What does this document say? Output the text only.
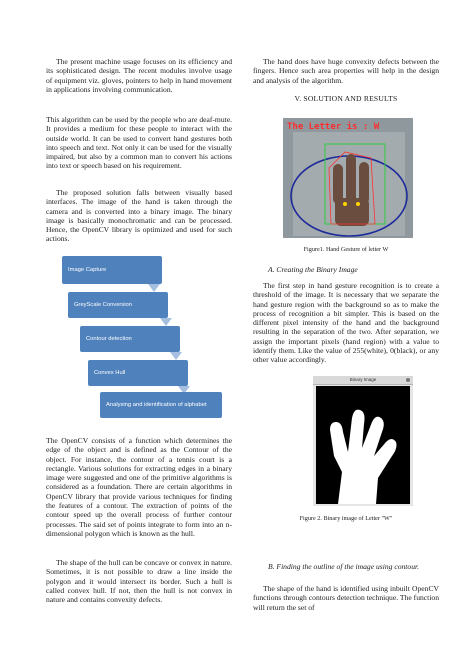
The present machine usage focuses on its efficiency and its sophisticated design. The recent modules involve usage of equipment viz. gloves, pointers to help in hand movement in applications involving communication.

This algorithm can be used by the people who are deaf-mute. It provides a medium for these people to interact with the outside world. It can be used to convert hand gestures both into speech and text. Not only it can be used for the visually impaired, but also by a common man to convert his actions into text or speech based on his requirement.

The proposed solution falls between visually based interfaces. The image of the hand is taken through the camera and is converted into a binary image. The binary image is basically monochromatic and can be processed. Hence, the OpenCV library is optimized and used for such actions.

Image Capture
GreyScale Conversion
Contour detection
Convex Hull
Analysing and identification of alphabet

The OpenCV consists of a function which determines the edge of the object and is defined as the Contour of the object. For instance, the contour of a tennis court is a rectangle. Various solutions for extracting edges in a binary image were suggested and one of the primitive algorithms is considered as a foundation. There are certain algorithms in OpenCV library that provide various techniques for finding the features of a contour. The extraction of points of the contour speed up the overall process of further contour processes. The said set of points integrate to form into an n-dimensional polygon which is known as the hull.

The shape of the hull can be concave or convex in nature. Sometimes, it is not possible to draw a line inside the polygon and it would intersect its border. Such a hull is called convex hull. If not, then the hull is not convex in nature and contains convexity defects.

The hand does have huge convexity defects between the fingers. Hence such area properties will help in the design and analysis of the algorithm.

V. SOLUTION AND RESULTS
The Letter is : W
Figure1. Hand Gesture of letter W
A. Creating the Binary Image

The first step in hand gesture recognition is to create a threshold of the image. It is necessary that we separate the hand gesture region with the background so as to make the process of recognition a bit simpler. This is based on the different pixel intensity of the hand and the background resulting in the separation of the two. After separation, we assign the important pixels (hand region) with a value to identify them. Like the value of 255(white), 0(black), or any other value accordingly.

Binary Image
Figure 2. Binary image of Letter "W"
B. Finding the outline of the image using contour.

The shape of the hand is identified using inbuilt OpenCV functions through contours detection technique. The function will return the set of
